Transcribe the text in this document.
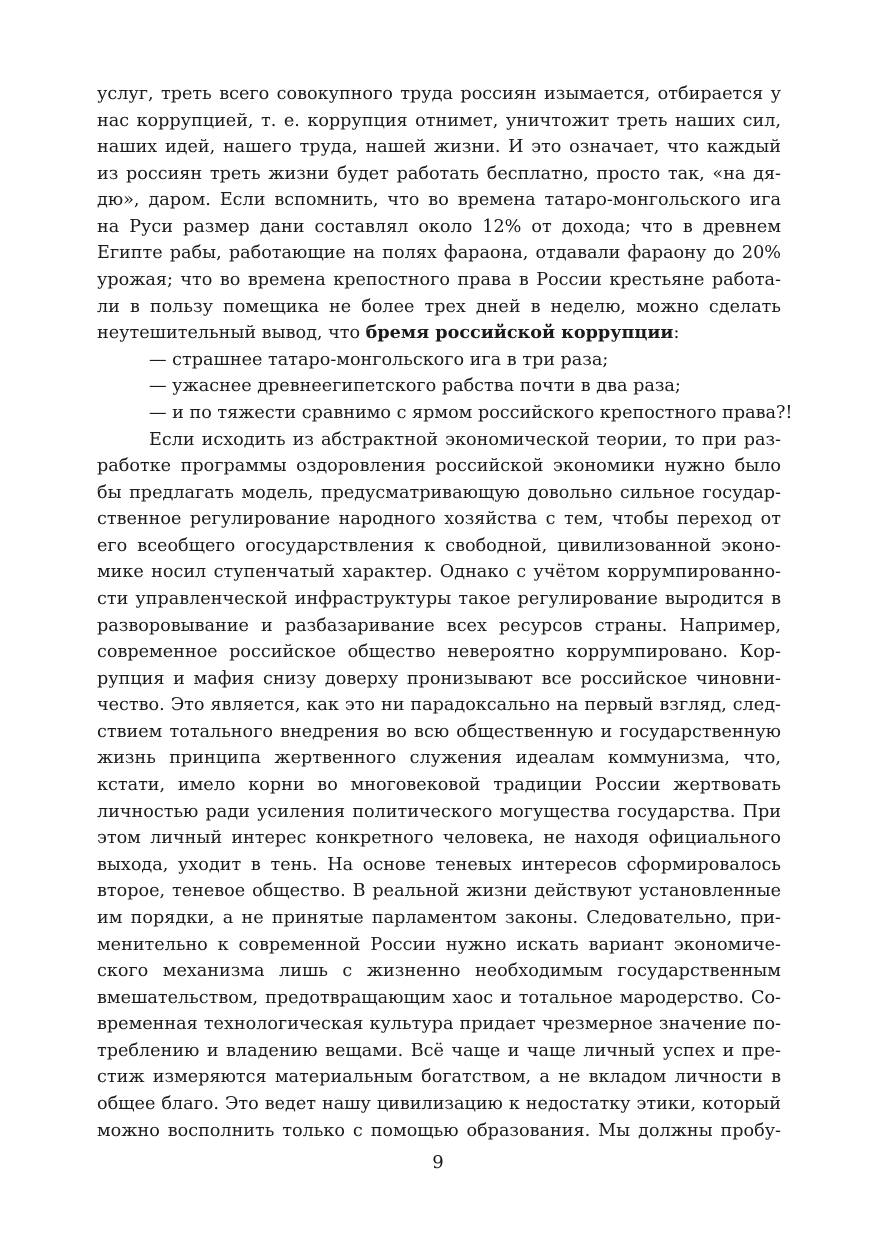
услуг, треть всего совокупного труда россиян изымается, отбирается у

нас коррупцией, т. е. коррупция отнимет, уничтожит треть наших сил,

наших идей, нашего труда, нашей жизни. И это означает, что каждый

из россиян треть жизни будет работать бесплатно, просто так, «на дя-

дю», даром. Если вспомнить, что во времена татаро-монгольского ига

на Руси размер дани составлял около 12% от дохода; что в древнем

Египте рабы, работающие на полях фараона, отдавали фараону до 20%

урожая; что во времена крепостного права в России крестьяне работа-

ли в пользу помещика не более трех дней в неделю, можно сделать

неутешительный вывод, что бремя российской коррупции:

— страшнее татаро-монгольского ига в три раза;

— ужаснее древнеегипетского рабства почти в два раза;

— и по тяжести сравнимо с ярмом российского крепостного права?!

Если исходить из абстрактной экономической теории, то при раз-

работке программы оздоровления российской экономики нужно было

бы предлагать модель, предусматривающую довольно сильное государ-

ственное регулирование народного хозяйства с тем, чтобы переход от

его всеобщего огосударствления к свободной, цивилизованной эконо-

мике носил ступенчатый характер. Однако с учётом коррумпированно-

сти управленческой инфраструктуры такое регулирование выродится в

разворовывание и разбазаривание всех ресурсов страны. Например,

современное российское общество невероятно коррумпировано. Кор-

рупция и мафия снизу доверху пронизывают все российское чиновни-

чество. Это является, как это ни парадоксально на первый взгляд, след-

ствием тотального внедрения во всю общественную и государственную

жизнь принципа жертвенного служения идеалам коммунизма, что,

кстати, имело корни во многовековой традиции России жертвовать

личностью ради усиления политического могущества государства. При

этом личный интерес конкретного человека, не находя официального

выхода, уходит в тень. На основе теневых интересов сформировалось

второе, теневое общество. В реальной жизни действуют установленные

им порядки, а не принятые парламентом законы. Следовательно, при-

менительно к современной России нужно искать вариант экономиче-

ского механизма лишь с жизненно необходимым государственным

вмешательством, предотвращающим хаос и тотальное мародерство. Со-

временная технологическая культура придает чрезмерное значение по-

треблению и владению вещами. Всё чаще и чаще личный успех и пре-

стиж измеряются материальным богатством, а не вкладом личности в

общее благо. Это ведет нашу цивилизацию к недостатку этики, который

можно восполнить только с помощью образования. Мы должны пробу-

9
